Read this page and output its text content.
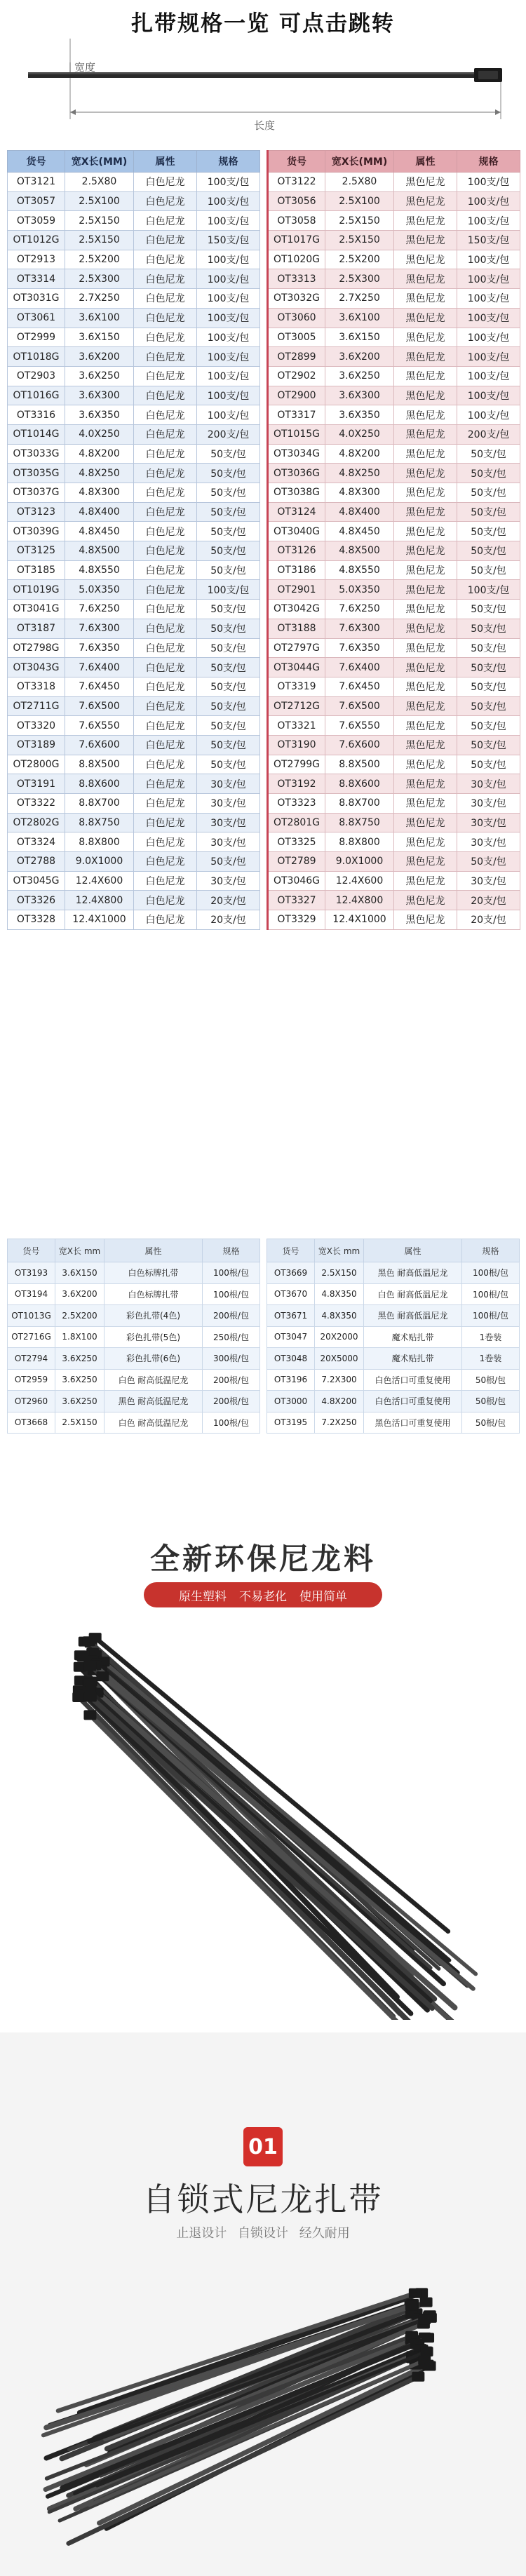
扎带规格一览 可点击跳转
宽度
长度
货号	宽X长(MM)	属性	规格
OT3121	2.5X80	白色尼龙	100支/包
OT3057	2.5X100	白色尼龙	100支/包
OT3059	2.5X150	白色尼龙	100支/包
OT1012G	2.5X150	白色尼龙	150支/包
OT2913	2.5X200	白色尼龙	100支/包
OT3314	2.5X300	白色尼龙	100支/包
OT3031G	2.7X250	白色尼龙	100支/包
OT3061	3.6X100	白色尼龙	100支/包
OT2999	3.6X150	白色尼龙	100支/包
OT1018G	3.6X200	白色尼龙	100支/包
OT2903	3.6X250	白色尼龙	100支/包
OT1016G	3.6X300	白色尼龙	100支/包
OT3316	3.6X350	白色尼龙	100支/包
OT1014G	4.0X250	白色尼龙	200支/包
OT3033G	4.8X200	白色尼龙	50支/包
OT3035G	4.8X250	白色尼龙	50支/包
OT3037G	4.8X300	白色尼龙	50支/包
OT3123	4.8X400	白色尼龙	50支/包
OT3039G	4.8X450	白色尼龙	50支/包
OT3125	4.8X500	白色尼龙	50支/包
OT3185	4.8X550	白色尼龙	50支/包
OT1019G	5.0X350	白色尼龙	100支/包
OT3041G	7.6X250	白色尼龙	50支/包
OT3187	7.6X300	白色尼龙	50支/包
OT2798G	7.6X350	白色尼龙	50支/包
OT3043G	7.6X400	白色尼龙	50支/包
OT3318	7.6X450	白色尼龙	50支/包
OT2711G	7.6X500	白色尼龙	50支/包
OT3320	7.6X550	白色尼龙	50支/包
OT3189	7.6X600	白色尼龙	50支/包
OT2800G	8.8X500	白色尼龙	50支/包
OT3191	8.8X600	白色尼龙	30支/包
OT3322	8.8X700	白色尼龙	30支/包
OT2802G	8.8X750	白色尼龙	30支/包
OT3324	8.8X800	白色尼龙	30支/包
OT2788	9.0X1000	白色尼龙	50支/包
OT3045G	12.4X600	白色尼龙	30支/包
OT3326	12.4X800	白色尼龙	20支/包
OT3328	12.4X1000	白色尼龙	20支/包
货号	宽X长(MM)	属性	规格
OT3122	2.5X80	黑色尼龙	100支/包
OT3056	2.5X100	黑色尼龙	100支/包
OT3058	2.5X150	黑色尼龙	100支/包
OT1017G	2.5X150	黑色尼龙	150支/包
OT1020G	2.5X200	黑色尼龙	100支/包
OT3313	2.5X300	黑色尼龙	100支/包
OT3032G	2.7X250	黑色尼龙	100支/包
OT3060	3.6X100	黑色尼龙	100支/包
OT3005	3.6X150	黑色尼龙	100支/包
OT2899	3.6X200	黑色尼龙	100支/包
OT2902	3.6X250	黑色尼龙	100支/包
OT2900	3.6X300	黑色尼龙	100支/包
OT3317	3.6X350	黑色尼龙	100支/包
OT1015G	4.0X250	黑色尼龙	200支/包
OT3034G	4.8X200	黑色尼龙	50支/包
OT3036G	4.8X250	黑色尼龙	50支/包
OT3038G	4.8X300	黑色尼龙	50支/包
OT3124	4.8X400	黑色尼龙	50支/包
OT3040G	4.8X450	黑色尼龙	50支/包
OT3126	4.8X500	黑色尼龙	50支/包
OT3186	4.8X550	黑色尼龙	50支/包
OT2901	5.0X350	黑色尼龙	100支/包
OT3042G	7.6X250	黑色尼龙	50支/包
OT3188	7.6X300	黑色尼龙	50支/包
OT2797G	7.6X350	黑色尼龙	50支/包
OT3044G	7.6X400	黑色尼龙	50支/包
OT3319	7.6X450	黑色尼龙	50支/包
OT2712G	7.6X500	黑色尼龙	50支/包
OT3321	7.6X550	黑色尼龙	50支/包
OT3190	7.6X600	黑色尼龙	50支/包
OT2799G	8.8X500	黑色尼龙	50支/包
OT3192	8.8X600	黑色尼龙	30支/包
OT3323	8.8X700	黑色尼龙	30支/包
OT2801G	8.8X750	黑色尼龙	30支/包
OT3325	8.8X800	黑色尼龙	30支/包
OT2789	9.0X1000	黑色尼龙	50支/包
OT3046G	12.4X600	黑色尼龙	30支/包
OT3327	12.4X800	黑色尼龙	20支/包
OT3329	12.4X1000	黑色尼龙	20支/包
货号	宽X长 mm	属性	规格
OT3193	3.6X150	白色标牌扎带	100根/包
OT3194	3.6X200	白色标牌扎带	100根/包
OT1013G	2.5X200	彩色扎带(4色)	200根/包
OT2716G	1.8X100	彩色扎带(5色)	250根/包
OT2794	3.6X250	彩色扎带(6色)	300根/包
OT2959	3.6X250	白色 耐高低温尼龙	200根/包
OT2960	3.6X250	黑色 耐高低温尼龙	200根/包
OT3668	2.5X150	白色 耐高低温尼龙	100根/包
货号	宽X长 mm	属性	规格
OT3669	2.5X150	黑色 耐高低温尼龙	100根/包
OT3670	4.8X350	白色 耐高低温尼龙	100根/包
OT3671	4.8X350	黑色 耐高低温尼龙	100根/包
OT3047	20X2000	魔术贴扎带	1卷装
OT3048	20X5000	魔术贴扎带	1卷装
OT3196	7.2X300	白色活口可重复使用	50根/包
OT3000	4.8X200	白色活口可重复使用	50根/包
OT3195	7.2X250	黑色活口可重复使用	50根/包
全新环保尼龙料
原生塑料 不易老化 使用简单
01
自锁式尼龙扎带
止退设计 自锁设计 经久耐用
